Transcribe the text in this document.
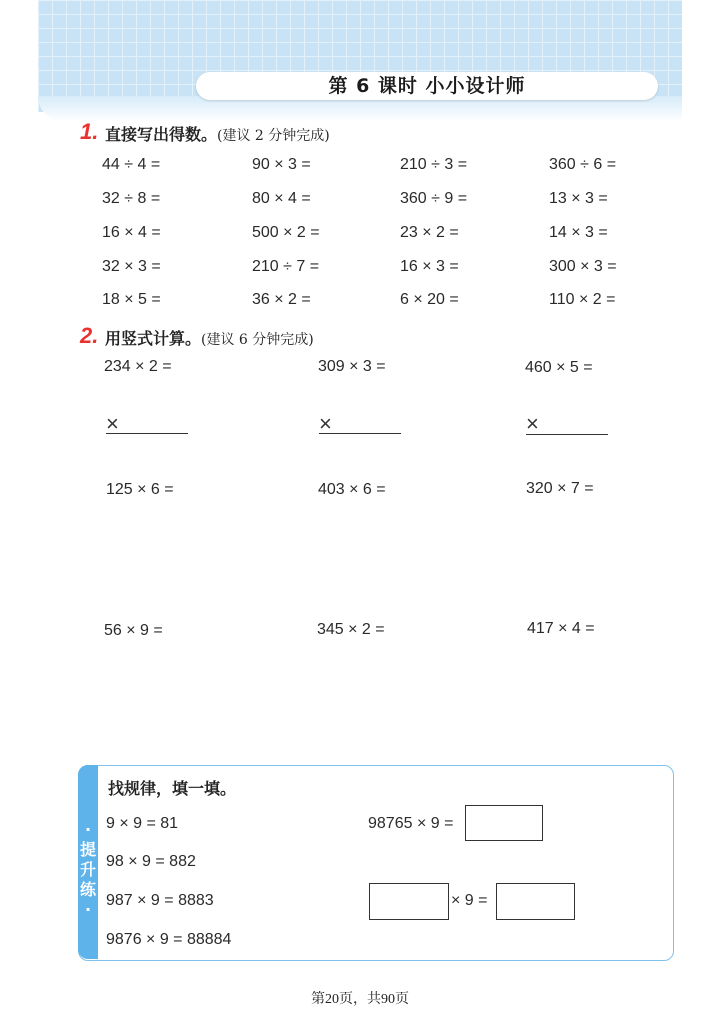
第 6 课时 小小设计师
1. 直接写出得数。(建议 2 分钟完成)
44 ÷ 4 =	90 × 3 =	210 ÷ 3 =	360 ÷ 6 =
32 ÷ 8 =	80 × 4 =	360 ÷ 9 =	13 × 3 =
16 × 4 =	500 × 2 =	23 × 2 =	14 × 3 =
32 × 3 =	210 ÷ 7 =	16 × 3 =	300 × 3 =
18 × 5 =	36 × 2 =	6 × 20 =	110 × 2 =
2. 用竖式计算。(建议 6 分钟完成)
234 × 2 =	309 × 3 =	460 × 5 =
×	×	×
125 × 6 =	403 × 6 =	320 × 7 =
56 × 9 =	345 × 2 =	417 × 4 =
·提升练·
找规律，填一填。
9 × 9 = 81
98 × 9 = 882
987 × 9 = 8883
9876 × 9 = 88884
98765 × 9 =
× 9 =
第20页，共90页
